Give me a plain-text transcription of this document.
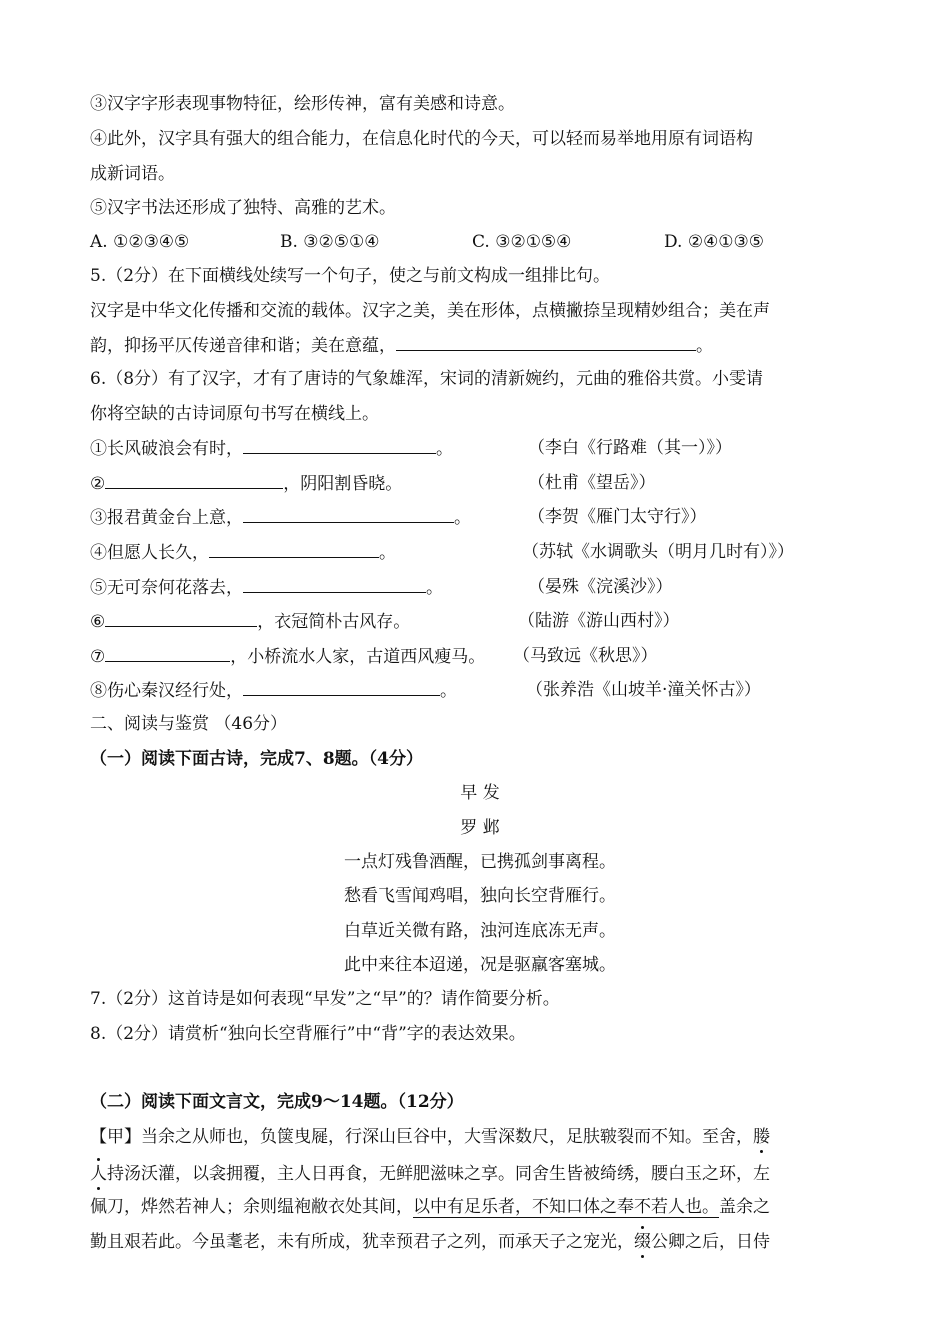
③汉字字形表现事物特征，绘形传神，富有美感和诗意。
④此外，汉字具有强大的组合能力，在信息化时代的今天，可以轻而易举地用原有词语构
成新词语。
⑤汉字书法还形成了独特、高雅的艺术。
A. ①②③④⑤	B. ③②⑤①④	C. ③②①⑤④	D. ②④①③⑤
5.（2分）在下面横线处续写一个句子，使之与前文构成一组排比句。
汉字是中华文化传播和交流的载体。汉字之美，美在形体，点横撇捺呈现精妙组合；美在声
韵，抑扬平仄传递音律和谐；美在意蕴，	。
6.（8分）有了汉字，才有了唐诗的气象雄浑，宋词的清新婉约，元曲的雅俗共赏。小雯请
你将空缺的古诗词原句书写在横线上。
①长风破浪会有时，	。	（李白《行路难（其一）》）
②	，阴阳割昏晓。	（杜甫《望岳》）
③报君黄金台上意，	。	（李贺《雁门太守行》）
④但愿人长久，	。	（苏轼《水调歌头（明月几时有）》）
⑤无可奈何花落去，	。	（晏殊《浣溪沙》）
⑥	，衣冠简朴古风存。	（陆游《游山西村》）
⑦	，小桥流水人家，古道西风瘦马。 （马致远《秋思》）
⑧伤心秦汉经行处，	。	（张养浩《山坡羊·潼关怀古》）
二、阅读与鉴赏 （46分）
（一）阅读下面古诗，完成7、8题。（4分）
早 发
罗 邺
一点灯残鲁酒醒，已携孤剑事离程。
愁看飞雪闻鸡唱，独向长空背雁行。
白草近关微有路，浊河连底冻无声。
此中来往本迢递，况是驱羸客塞城。
7.（2分）这首诗是如何表现“早发”之“早”的？请作简要分析。
8.（2分）请赏析“独向长空背雁行”中“背”字的表达效果。
（二）阅读下面文言文，完成9～14题。（12分）
【甲】当余之从师也，负箧曳屣，行深山巨谷中，大雪深数尺，足肤皲裂而不知。至舍，媵
人持汤沃灌，以衾拥覆，主人日再食，无鲜肥滋味之享。同舍生皆被绮绣，腰白玉之环，左
佩刀，烨然若神人；余则缊袍敝衣处其间，以中有足乐者，不知口体之奉不若人也。盖余之
勤且艰若此。今虽耄老，未有所成，犹幸预君子之列，而承天子之宠光，缀公卿之后，日侍
